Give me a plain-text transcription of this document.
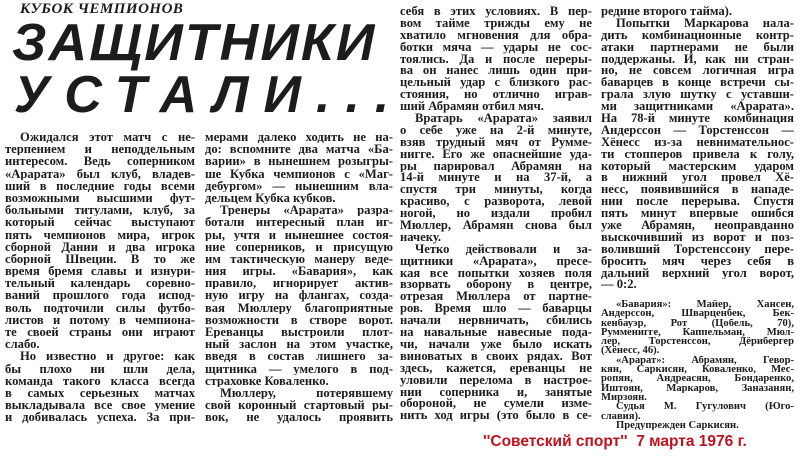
КУБОК ЧЕМПИОНОВ
ЗАЩИТНИКИ
УСТАЛИ...
Ожидался этот матч с не-
терпением и неподдельным
интересом. Ведь соперником
«Арарата» был клуб, владев-
ший в последние годы всеми
возможными высшими фут-
больными титулами, клуб, за
который сейчас выступают
пять чемпионов мира, игрок
сборной Дании и два игрока
сборной Швеции. В то же
время бремя славы и изнури-
тельный календарь соревно-
ваний прошлого года испод-
воль подточили силы футбо-
листов и потому в чемпиона-
те своей страны они играют
слабо.
Но известно и другое: как
бы плохо ни шли дела,
команда такого класса всегда
в самых серьезных матчах
выкладывала все свое умение
и добивалась успеха. За при-
мерами далеко ходить не на-
до: вспомните два матча «Ба-
варии» в нынешнем розыгры-
ше Кубка чемпионов с «Маг-
дебургом» — нынешним вла-
дельцем Кубка кубков.
Тренеры «Арарата» разра-
ботали интересный план иг-
ры, учтя и нынешнее состоя-
ние соперников, и присущую
им тактическую манеру веде-
ния игры. «Бавария», как
правило, игнорирует актив-
ную игру на флангах, созда-
вая Мюллеру благоприятные
возможности в створе ворот.
Ереванцы выстроили плот-
ный заслон на этом участке,
введя в состав лишнего за-
щитника — умелого в под-
страховке Коваленко.
Мюллеру, потерявшему
свой коронный стартовый ры-
вок, не удалось проявить
себя в этих условиях. В пер-
вом тайме трижды ему не
хватило мгновения для обра-
ботки мяча — удары не сос-
тоялись. Да и после переры-
ва он нанес лишь один при-
цельный удар с близкого рас-
стояния, но отлично играв-
ший Абрамян отбил мяч.
Вратарь «Арарата» заявил
о себе уже на 2-й минуте,
взяв трудный мяч от Румме-
нигге. Его же опаснейшие уда-
ры парировал Абрамян на
14-й минуте и на 37-й, а
спустя три минуты, когда
красиво, с разворота, левой
ногой, но издали пробил
Мюллер, Абрамян снова был
начеку.
Четко действовали и за-
щитники «Арарата», пресе-
кая все попытки хозяев поля
взорвать оборону в центре,
отрезая Мюллера от партне-
ров. Время шло — баварцы
начали нервничать, сбились
на навальные навесные пода-
чи, начали уже было искать
виноватых в своих рядах. Вот
здесь, кажется, ереванцы не
уловили перелома в настрое-
нии соперника и, занятые
обороной, не сумели изме-
нить ход игры (это было в се-
редине второго тайма).
Попытки Маркарова нала-
дить комбинационные контр-
атаки партнерами не были
поддержаны. И, как ни стран-
но, не совсем логичная игра
баварцев в конце встречи сы-
грала злую шутку с уставши-
ми защитниками «Арарата».
На 78-й минуте комбинация
Андерссон — Торстенссон —
Хёнесс из-за невнимательнос-
ти стопперов привела к голу,
который мастерским ударом
в нижний угол провел Хё-
несс, появившийся в нападе-
нии после перерыва. Спустя
пять минут впервые ошибся
уже Абрамян, неоправданно
выскочивший из ворот и поз-
воливший Торстенссону пере-
бросить мяч через себя в
дальний верхний угол ворот,
— 0:2.
«Бавария»: Майер, Хансен,
Андерссон, Шварценбек, Бек-
кенбауэр, Рот (Цобель, 70),
Румменигге, Каппельман, Мюл-
лер, Торстенссон, Дёрибергер
(Хёнесс, 46).
«Арарат»: Абрамян, Гевор-
кян, Саркисян, Коваленко, Мес-
ропян, Андреасян, Бондаренко,
Иштоян, Маркаров, Заназанян,
Мирзоян.
Судья М. Гугулович (Юго-
славия).
Предупрежден Саркисян.
''Советский спорт''  7 марта 1976 г.
